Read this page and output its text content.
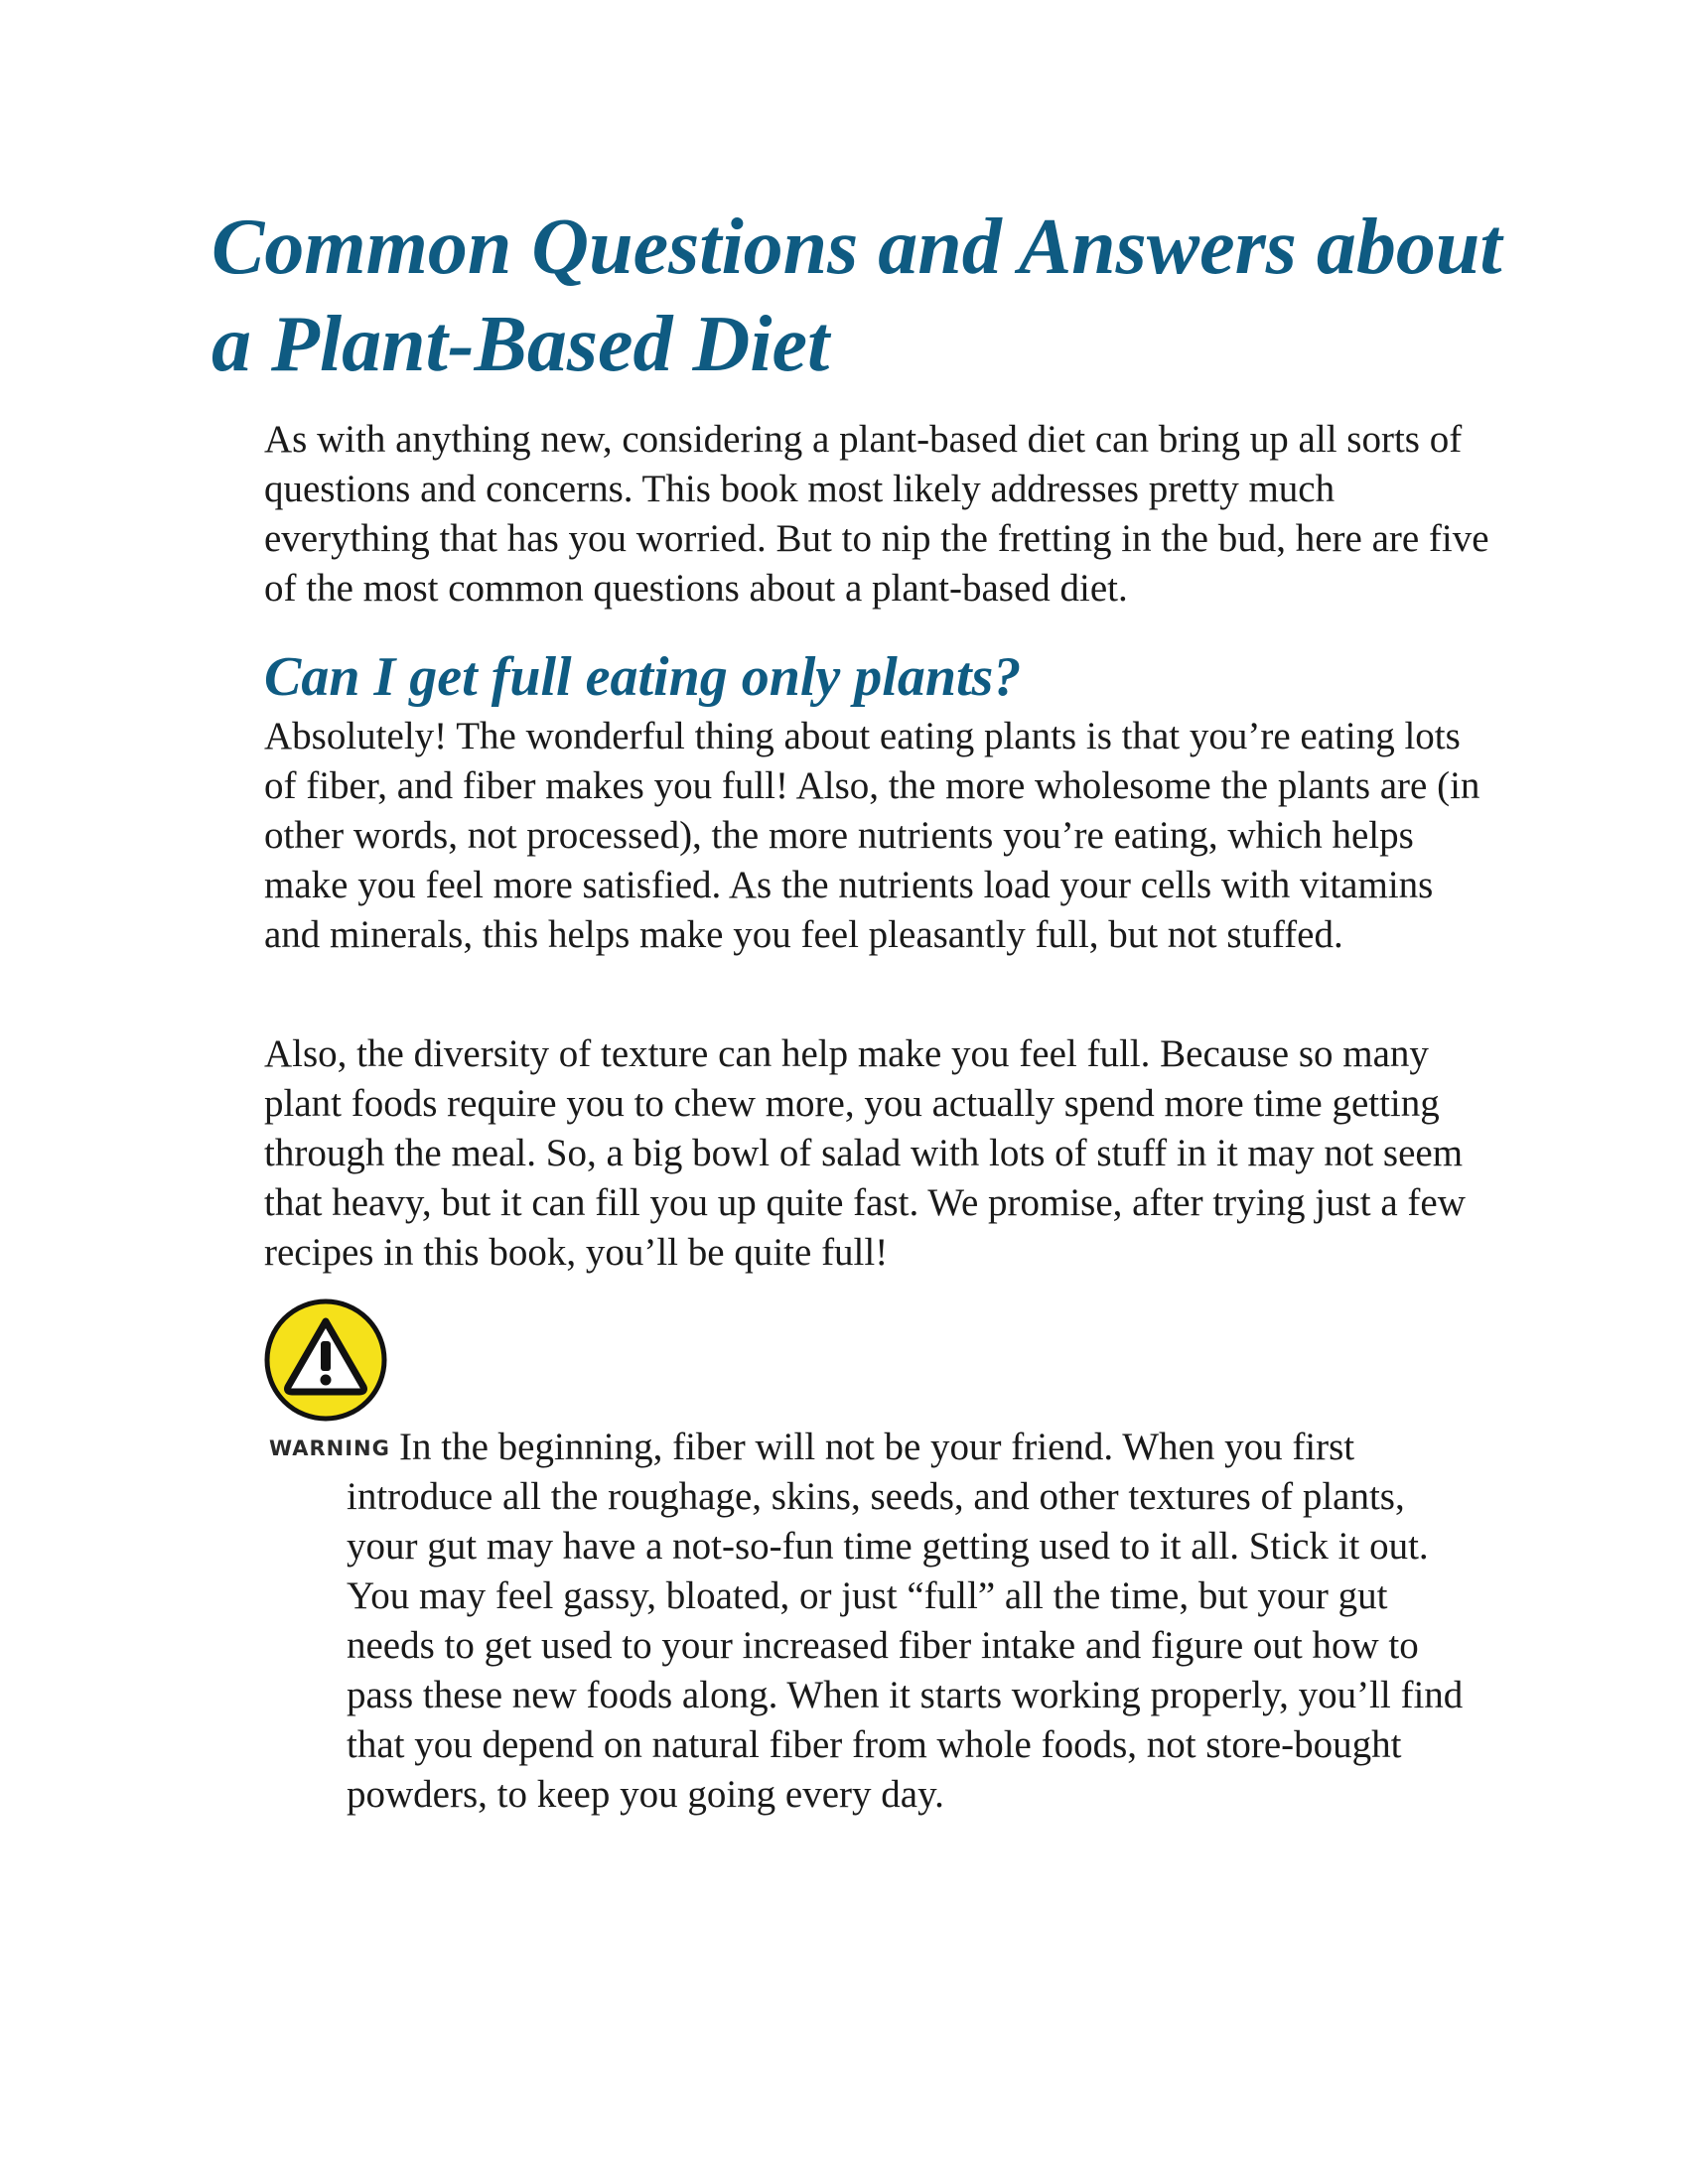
Common Questions and Answers about a Plant-Based Diet

As with anything new, considering a plant-based diet can bring up all sorts of questions and concerns. This book most likely addresses pretty much everything that has you worried. But to nip the fretting in the bud, here are five of the most common questions about a plant-based diet.

Can I get full eating only plants?

Absolutely! The wonderful thing about eating plants is that you’re eating lots of fiber, and fiber makes you full! Also, the more wholesome the plants are (in other words, not processed), the more nutrients you’re eating, which helps make you feel more satisfied. As the nutrients load your cells with vitamins and minerals, this helps make you feel pleasantly full, but not stuffed.

Also, the diversity of texture can help make you feel full. Because so many plant foods require you to chew more, you actually spend more time getting through the meal. So, a big bowl of salad with lots of stuff in it may not seem that heavy, but it can fill you up quite fast. We promise, after trying just a few recipes in this book, you’ll be quite full!

WARNING In the beginning, fiber will not be your friend. When you first

introduce all the roughage, skins, seeds, and other textures of plants, your gut may have a not-so-fun time getting used to it all. Stick it out. You may feel gassy, bloated, or just “full” all the time, but your gut needs to get used to your increased fiber intake and figure out how to pass these new foods along. When it starts working properly, you’ll find that you depend on natural fiber from whole foods, not store-bought powders, to keep you going every day.
